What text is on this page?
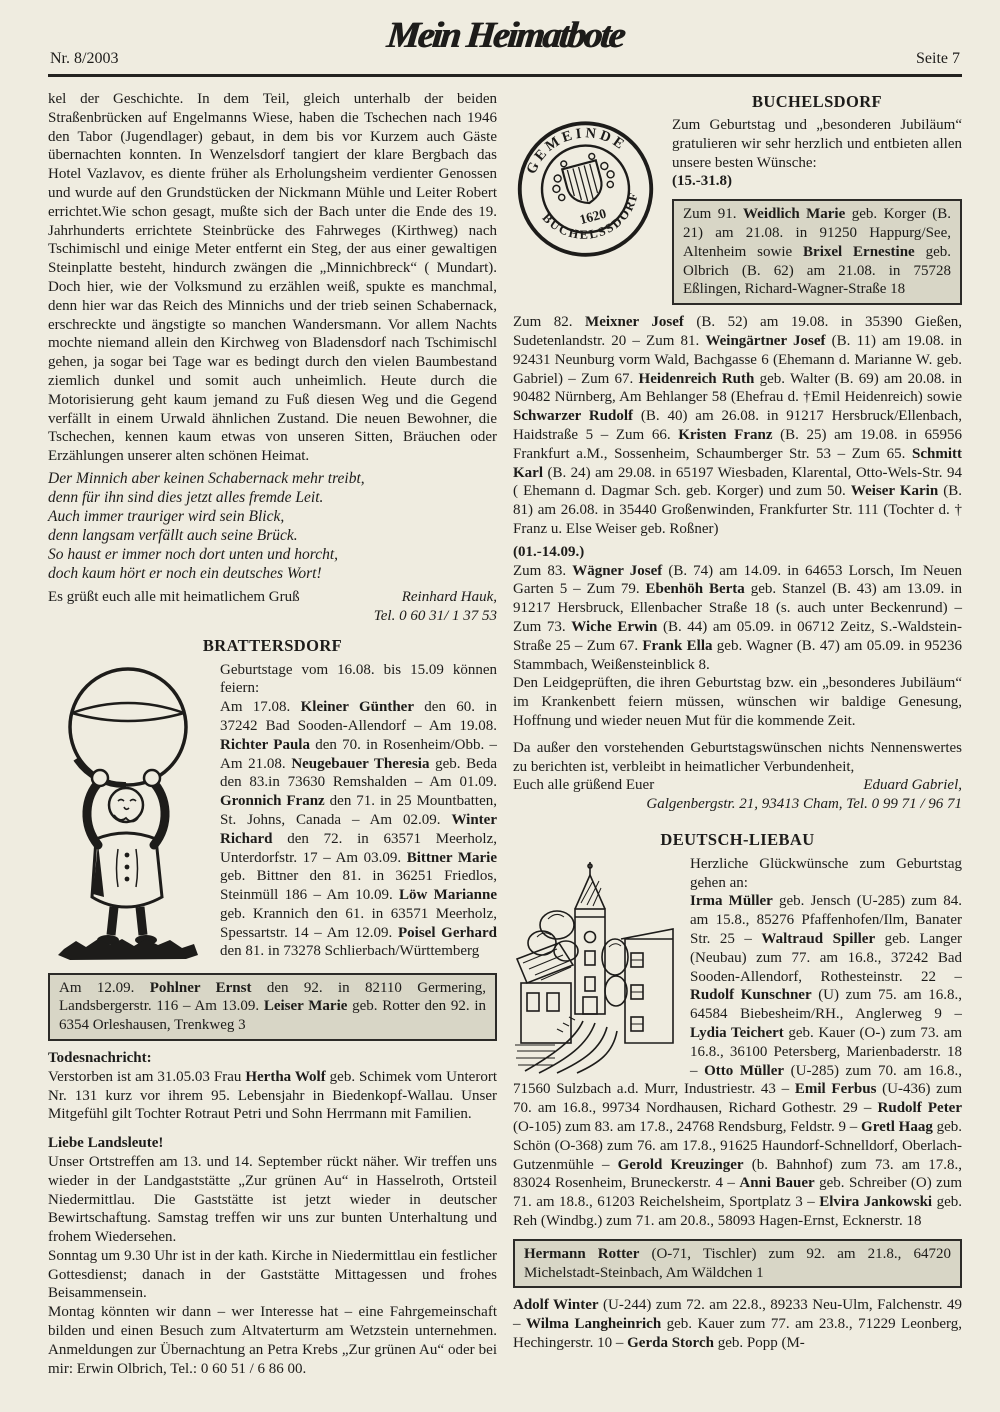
Nr. 8/2003
Mein Heimatbote
Seite 7

kel der Geschichte. In dem Teil, gleich unterhalb der beiden Straßenbrücken auf Engelmanns Wiese, haben die Tschechen nach 1946 den Tabor (Jugendlager) gebaut, in dem bis vor Kurzem auch Gäste übernachten konnten. In Wenzelsdorf tangiert der klare Bergbach das Hotel Vazlavov, es diente früher als Erholungsheim verdienter Genossen und wurde auf den Grundstücken der Nickmann Mühle und Leiter Robert errichtet.Wie schon gesagt, mußte sich der Bach unter die Ende des 19. Jahrhunderts errichtete Steinbrücke des Fahrweges (Kirthweg) nach Tschimischl und einige Meter entfernt ein Steg, der aus einer gewaltigen Steinplatte besteht, hindurch zwängen die „Minnichbreck“ ( Mundart). Doch hier, wie der Volksmund zu erzählen weiß, spukte es manchmal, denn hier war das Reich des Minnichs und der trieb seinen Schabernack, erschreckte und ängstigte so manchen Wandersmann. Vor allem Nachts mochte niemand allein den Kirchweg von Bladensdorf nach Tschimischl gehen, ja sogar bei Tage war es bedingt durch den vielen Baumbestand ziemlich dunkel und somit auch unheimlich. Heute durch die Motorisierung geht kaum jemand zu Fuß diesen Weg und die Gegend verfällt in einem Urwald ähnlichen Zustand. Die neuen Bewohner, die Tschechen, kennen kaum etwas von unseren Sitten, Bräuchen oder Erzählungen unserer alten schönen Heimat.

Der Minnich aber keinen Schabernack mehr treibt,
denn für ihn sind dies jetzt alles fremde Leit.
Auch immer trauriger wird sein Blick,
denn langsam verfällt auch seine Brück.
So haust er immer noch dort unten und horcht,
doch kaum hört er noch ein deutsches Wort!
Es grüßt euch alle mit heimatlichem Gruß	Reinhard Hauk,
Tel. 0 60 31/ 1 37 53
BRATTERSDORF

Geburtstage vom 16.08. bis 15.09 können feiern:

Am 17.08. Kleiner Günther den 60. in 37242 Bad Sooden-Allendorf – Am 19.08. Richter Paula den 70. in Rosenheim/Obb. – Am 21.08. Neugebauer Theresia geb. Beda den 83.in 73630 Remshalden – Am 01.09. Gronnich Franz den 71. in 25 Mountbatten, St. Johns, Canada – Am 02.09. Winter Richard den 72. in 63571 Meerholz, Unterdorfstr. 17 – Am 03.09. Bittner Marie geb. Bittner den 81. in 36251 Friedlos, Steinmüll 186 – Am 10.09. Löw Marianne geb. Krannich den 61. in 63571 Meerholz, Spessartstr. 14 – Am 12.09. Poisel Gerhard den 81. in 73278 Schlierbach/Württemberg

Am 12.09. Pohlner Ernst den 92. in 82110 Germering, Landsbergerstr. 116 – Am 13.09. Leiser Marie geb. Rotter den 92. in 6354 Orleshausen, Trenkweg 3
Todesnachricht:

Verstorben ist am 31.05.03 Frau Hertha Wolf geb. Schimek vom Unterort Nr. 131 kurz vor ihrem 95. Lebensjahr in Biedenkopf-Wallau. Unser Mitgefühl gilt Tochter Rotraut Petri und Sohn Herrmann mit Familien.

Liebe Landsleute!

Unser Ortstreffen am 13. und 14. September rückt näher. Wir treffen uns wieder in der Landgaststätte „Zur grünen Au“ in Hasselroth, Ortsteil Niedermittlau. Die Gaststätte ist jetzt wieder in deutscher Bewirtschaftung. Samstag treffen wir uns zur bunten Unterhaltung und frohem Wiedersehen.

Sonntag um 9.30 Uhr ist in der kath. Kirche in Niedermittlau ein festlicher Gottesdienst; danach in der Gaststätte Mittagessen und frohes Beisammensein.

Montag könnten wir dann – wer Interesse hat – eine Fahrgemeinschaft bilden und einen Besuch zum Altvaterturm am Wetzstein unternehmen. Anmeldungen zur Übernachtung an Petra Krebs „Zur grünen Au“ oder bei mir: Erwin Olbrich, Tel.: 0 60 51 / 6 86 00.

GEMEINDE
BUCHELSSDORF
1620
BUCHELSDORF

Zum Geburtstag und „besonderen Jubiläum“ gratulieren wir sehr herzlich und entbieten allen unsere besten Wünsche:

(15.-31.8)
Zum 91. Weidlich Marie geb. Korger (B. 21) am 21.08. in 91250 Happurg/See, Altenheim sowie Brixel Ernestine geb. Olbrich (B. 62) am 21.08. in 75728 Eßlingen, Richard-Wagner-Straße 18

Zum 82. Meixner Josef (B. 52) am 19.08. in 35390 Gießen, Sudetenlandstr. 20 – Zum 81. Weingärtner Josef (B. 11) am 19.08. in 92431 Neunburg vorm Wald, Bachgasse 6 (Ehemann d. Marianne W. geb. Gabriel) – Zum 67. Heidenreich Ruth geb. Walter (B. 69) am 20.08. in 90482 Nürnberg, Am Behlanger 58 (Ehefrau d. †Emil Heidenreich) sowie Schwarzer Rudolf (B. 40) am 26.08. in 91217 Hersbruck/Ellenbach, Haidstraße 5 – Zum 66. Kristen Franz (B. 25) am 19.08. in 65956 Frankfurt a.M., Sossenheim, Schaumberger Str. 53 – Zum 65. Schmitt Karl (B. 24) am 29.08. in 65197 Wiesbaden, Klarental, Otto-Wels-Str. 94 ( Ehemann d. Dagmar Sch. geb. Korger) und zum 50. Weiser Karin (B. 81) am 26.08. in 35440 Großenwinden, Frankfurter Str. 111 (Tochter d. † Franz u. Else Weiser geb. Roßner)

(01.-14.09.)

Zum 83. Wägner Josef (B. 74) am 14.09. in 64653 Lorsch, Im Neuen Garten 5 – Zum 79. Ebenhöh Berta geb. Stanzel (B. 43) am 13.09. in 91217 Hersbruck, Ellenbacher Straße 18 (s. auch unter Beckenrund) – Zum 73. Wiche Erwin (B. 44) am 05.09. in 06712 Zeitz, S.-Waldstein-Straße 25 – Zum 67. Frank Ella geb. Wagner (B. 47) am 05.09. in 95236 Stammbach, Weißensteinblick 8.

Den Leidgeprüften, die ihren Geburtstag bzw. ein „besonderes Jubiläum“ im Krankenbett feiern müssen, wünschen wir baldige Genesung, Hoffnung und wieder neuen Mut für die kommende Zeit.

Da außer den vorstehenden Geburtstagswünschen nichts Nennenswertes zu berichten ist, verbleibt in heimatlicher Verbundenheit,

Euch alle grüßend Euer	Eduard Gabriel,
Galgenbergstr. 21, 93413 Cham, Tel. 0 99 71 / 96 71
DEUTSCH-LIEBAU

Herzliche Glückwünsche zum Geburtstag gehen an:

Irma Müller geb. Jensch (U-285) zum 84. am 15.8., 85276 Pfaffenhofen/Ilm, Banater Str. 25 – Waltraud Spiller geb. Langer (Neubau) zum 77. am 16.8., 37242 Bad Sooden-Allendorf, Rothesteinstr. 22 – Rudolf Kunschner (U) zum 75. am 16.8., 64584 Biebesheim/RH., Anglerweg 9 – Lydia Teichert geb. Kauer (O-) zum 73. am 16.8., 36100 Petersberg, Marienbaderstr. 18 – Otto Müller (U-285) zum 70. am 16.8., 71560 Sulzbach a.d. Murr, Industriestr. 43 – Emil Ferbus (U-436) zum 70. am 16.8., 99734 Nordhausen, Richard Gothestr. 29 – Rudolf Peter (O-105) zum 83. am 17.8., 24768 Rendsburg, Feldstr. 9 – Gretl Haag geb. Schön (O-368) zum 76. am 17.8., 91625 Haundorf-Schnelldorf, Oberlach-Gutzenmühle – Gerold Kreuzinger (b. Bahnhof) zum 73. am 17.8., 83024 Rosenheim, Bruneckerstr. 4 – Anni Bauer geb. Schreiber (O) zum 71. am 18.8., 61203 Reichelsheim, Sportplatz 3 – Elvira Jankowski geb. Reh (Windbg.) zum 71. am 20.8., 58093 Hagen-Ernst, Ecknerstr. 18

Hermann Rotter (O-71, Tischler) zum 92. am 21.8., 64720 Michelstadt-Steinbach, Am Wäldchen 1

Adolf Winter (U-244) zum 72. am 22.8., 89233 Neu-Ulm, Falchenstr. 49 – Wilma Langheinrich geb. Kauer zum 77. am 23.8., 71229 Leonberg, Hechingerstr. 10 – Gerda Storch geb. Popp (M-
